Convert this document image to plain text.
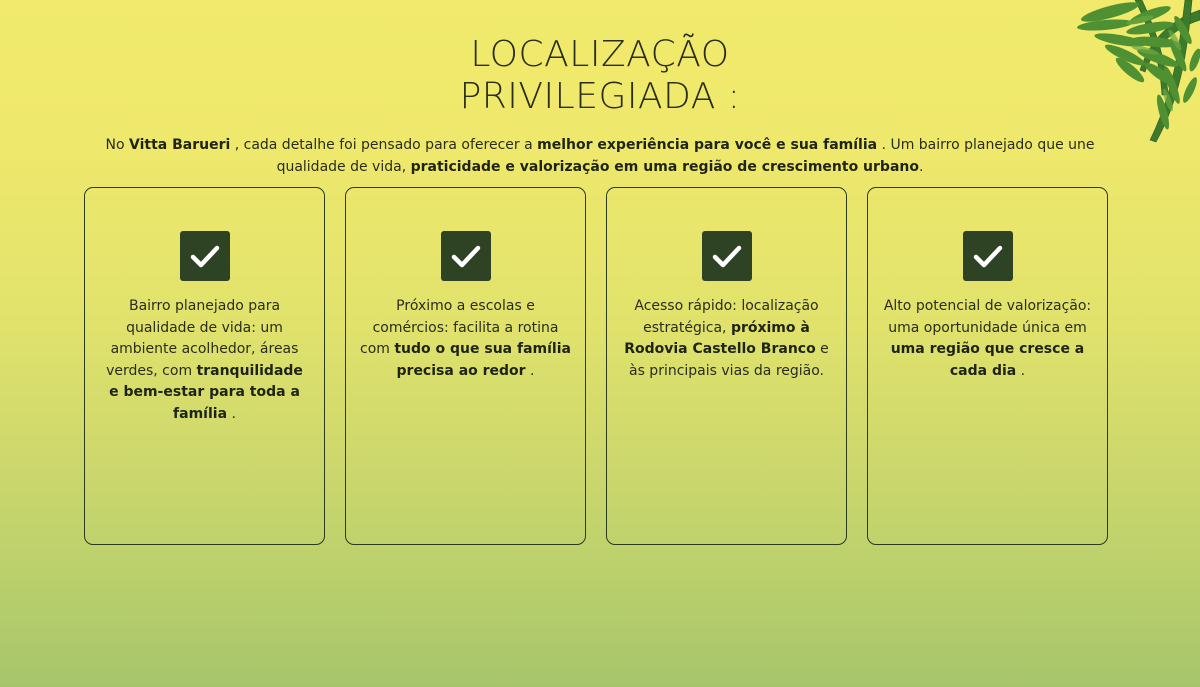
LOCALIZAÇÃO
PRIVILEGIADA :

No Vitta Barueri , cada detalhe foi pensado para oferecer a melhor experiência para você e sua família . Um bairro planejado que une qualidade de vida, praticidade e valorização em uma região de crescimento urbano.

Bairro planejado para qualidade de vida: um ambiente acolhedor, áreas verdes, com tranquilidade e bem-estar para toda a família .

Próximo a escolas e comércios: facilita a rotina com tudo o que sua família precisa ao redor .

Acesso rápido: localização estratégica, próximo à Rodovia Castello Branco e às principais vias da região.

Alto potencial de valorização: uma oportunidade única em uma região que cresce a cada dia .
